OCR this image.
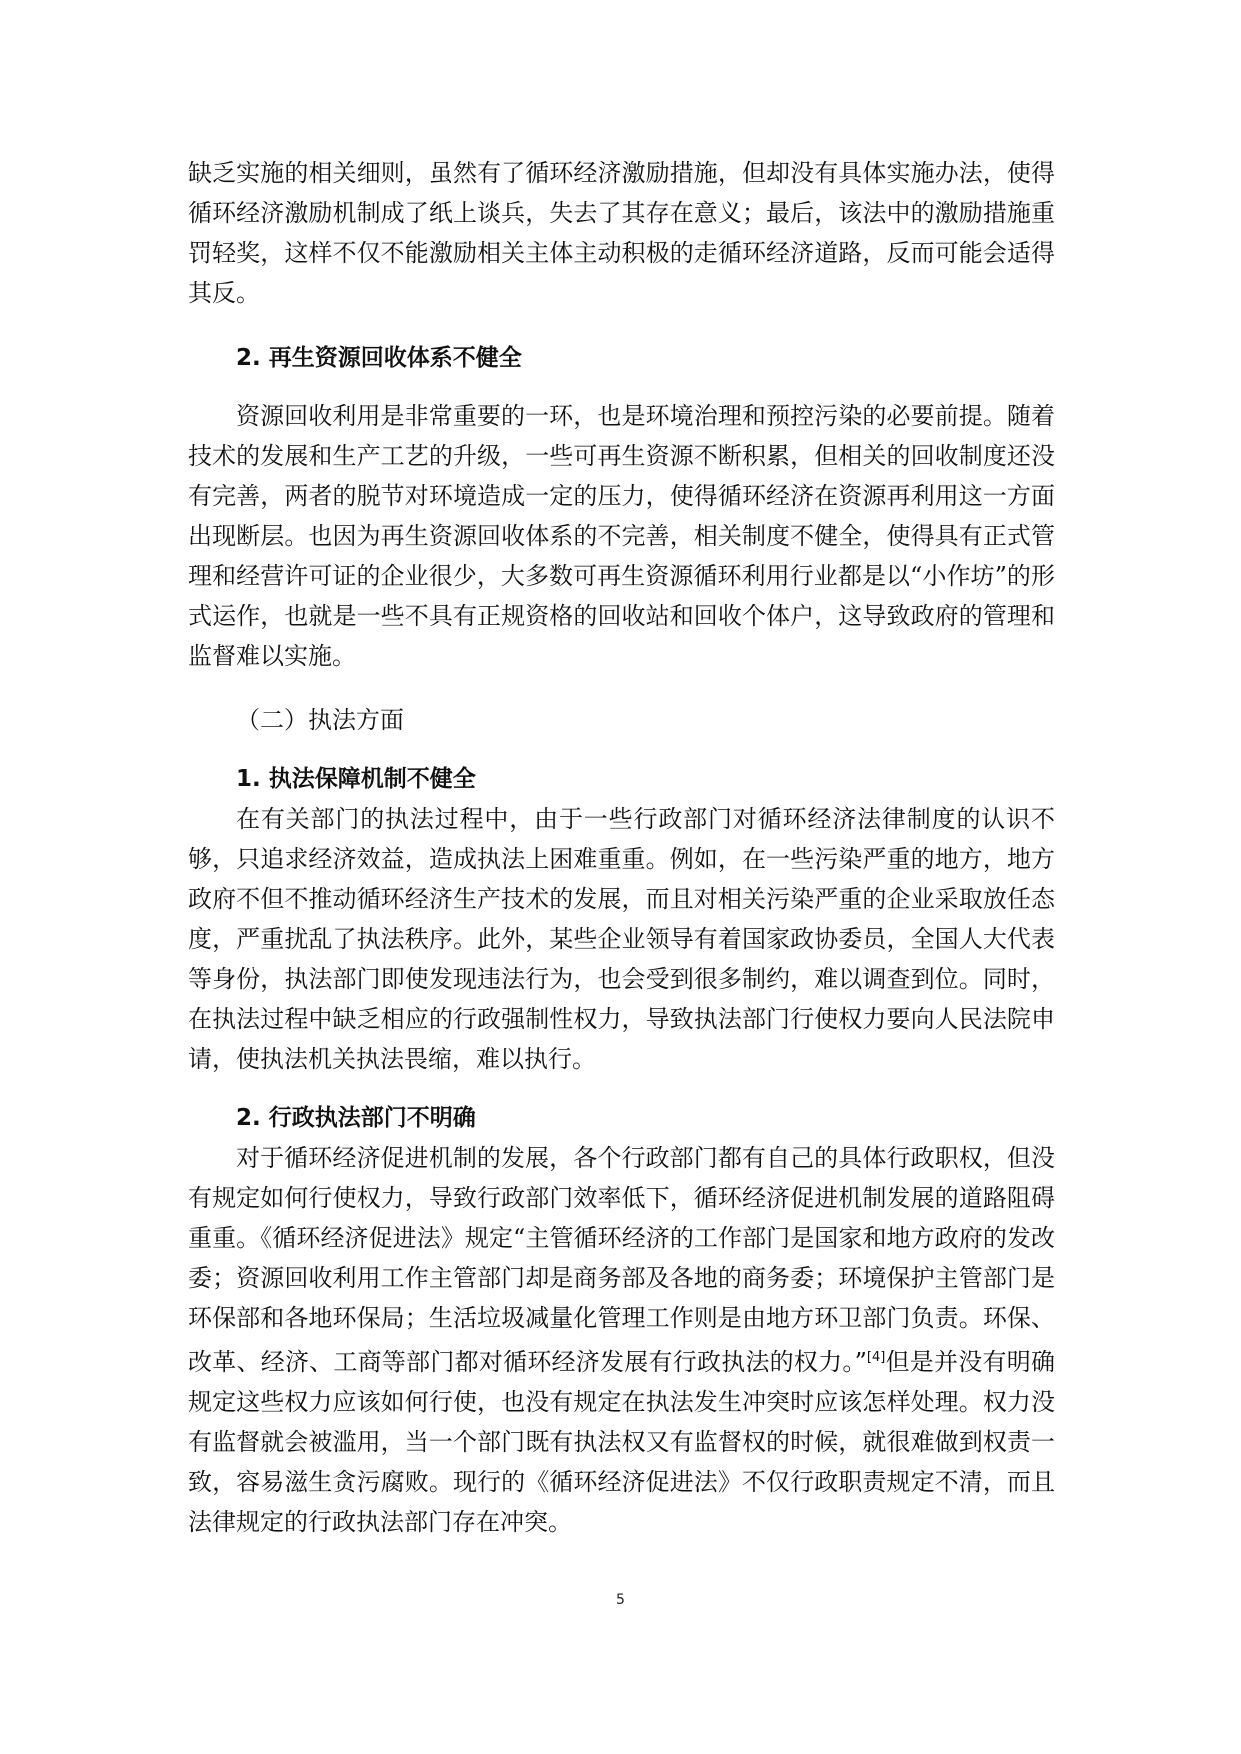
缺乏实施的相关细则，虽然有了循环经济激励措施，但却没有具体实施办法，使得循环经济激励机制成了纸上谈兵，失去了其存在意义；最后，该法中的激励措施重罚轻奖，这样不仅不能激励相关主体主动积极的走循环经济道路，反而可能会适得其反。

2. 再生资源回收体系不健全

资源回收利用是非常重要的一环，也是环境治理和预控污染的必要前提。随着技术的发展和生产工艺的升级，一些可再生资源不断积累，但相关的回收制度还没有完善，两者的脱节对环境造成一定的压力，使得循环经济在资源再利用这一方面出现断层。也因为再生资源回收体系的不完善，相关制度不健全，使得具有正式管理和经营许可证的企业很少，大多数可再生资源循环利用行业都是以“小作坊”的形式运作，也就是一些不具有正规资格的回收站和回收个体户，这导致政府的管理和监督难以实施。

（二）执法方面

1. 执法保障机制不健全

在有关部门的执法过程中，由于一些行政部门对循环经济法律制度的认识不够，只追求经济效益，造成执法上困难重重。例如，在一些污染严重的地方，地方政府不但不推动循环经济生产技术的发展，而且对相关污染严重的企业采取放任态度，严重扰乱了执法秩序。此外，某些企业领导有着国家政协委员，全国人大代表等身份，执法部门即使发现违法行为，也会受到很多制约，难以调查到位。同时，在执法过程中缺乏相应的行政强制性权力，导致执法部门行使权力要向人民法院申请，使执法机关执法畏缩，难以执行。

2. 行政执法部门不明确

对于循环经济促进机制的发展，各个行政部门都有自己的具体行政职权，但没有规定如何行使权力，导致行政部门效率低下，循环经济促进机制发展的道路阻碍重重。《循环经济促进法》规定“主管循环经济的工作部门是国家和地方政府的发改委；资源回收利用工作主管部门却是商务部及各地的商务委；环境保护主管部门是环保部和各地环保局；生活垃圾减量化管理工作则是由地方环卫部门负责。环保、改革、经济、工商等部门都对循环经济发展有行政执法的权力。”[4]但是并没有明确规定这些权力应该如何行使，也没有规定在执法发生冲突时应该怎样处理。权力没有监督就会被滥用，当一个部门既有执法权又有监督权的时候，就很难做到权责一致，容易滋生贪污腐败。现行的《循环经济促进法》不仅行政职责规定不清，而且法律规定的行政执法部门存在冲突。

5
